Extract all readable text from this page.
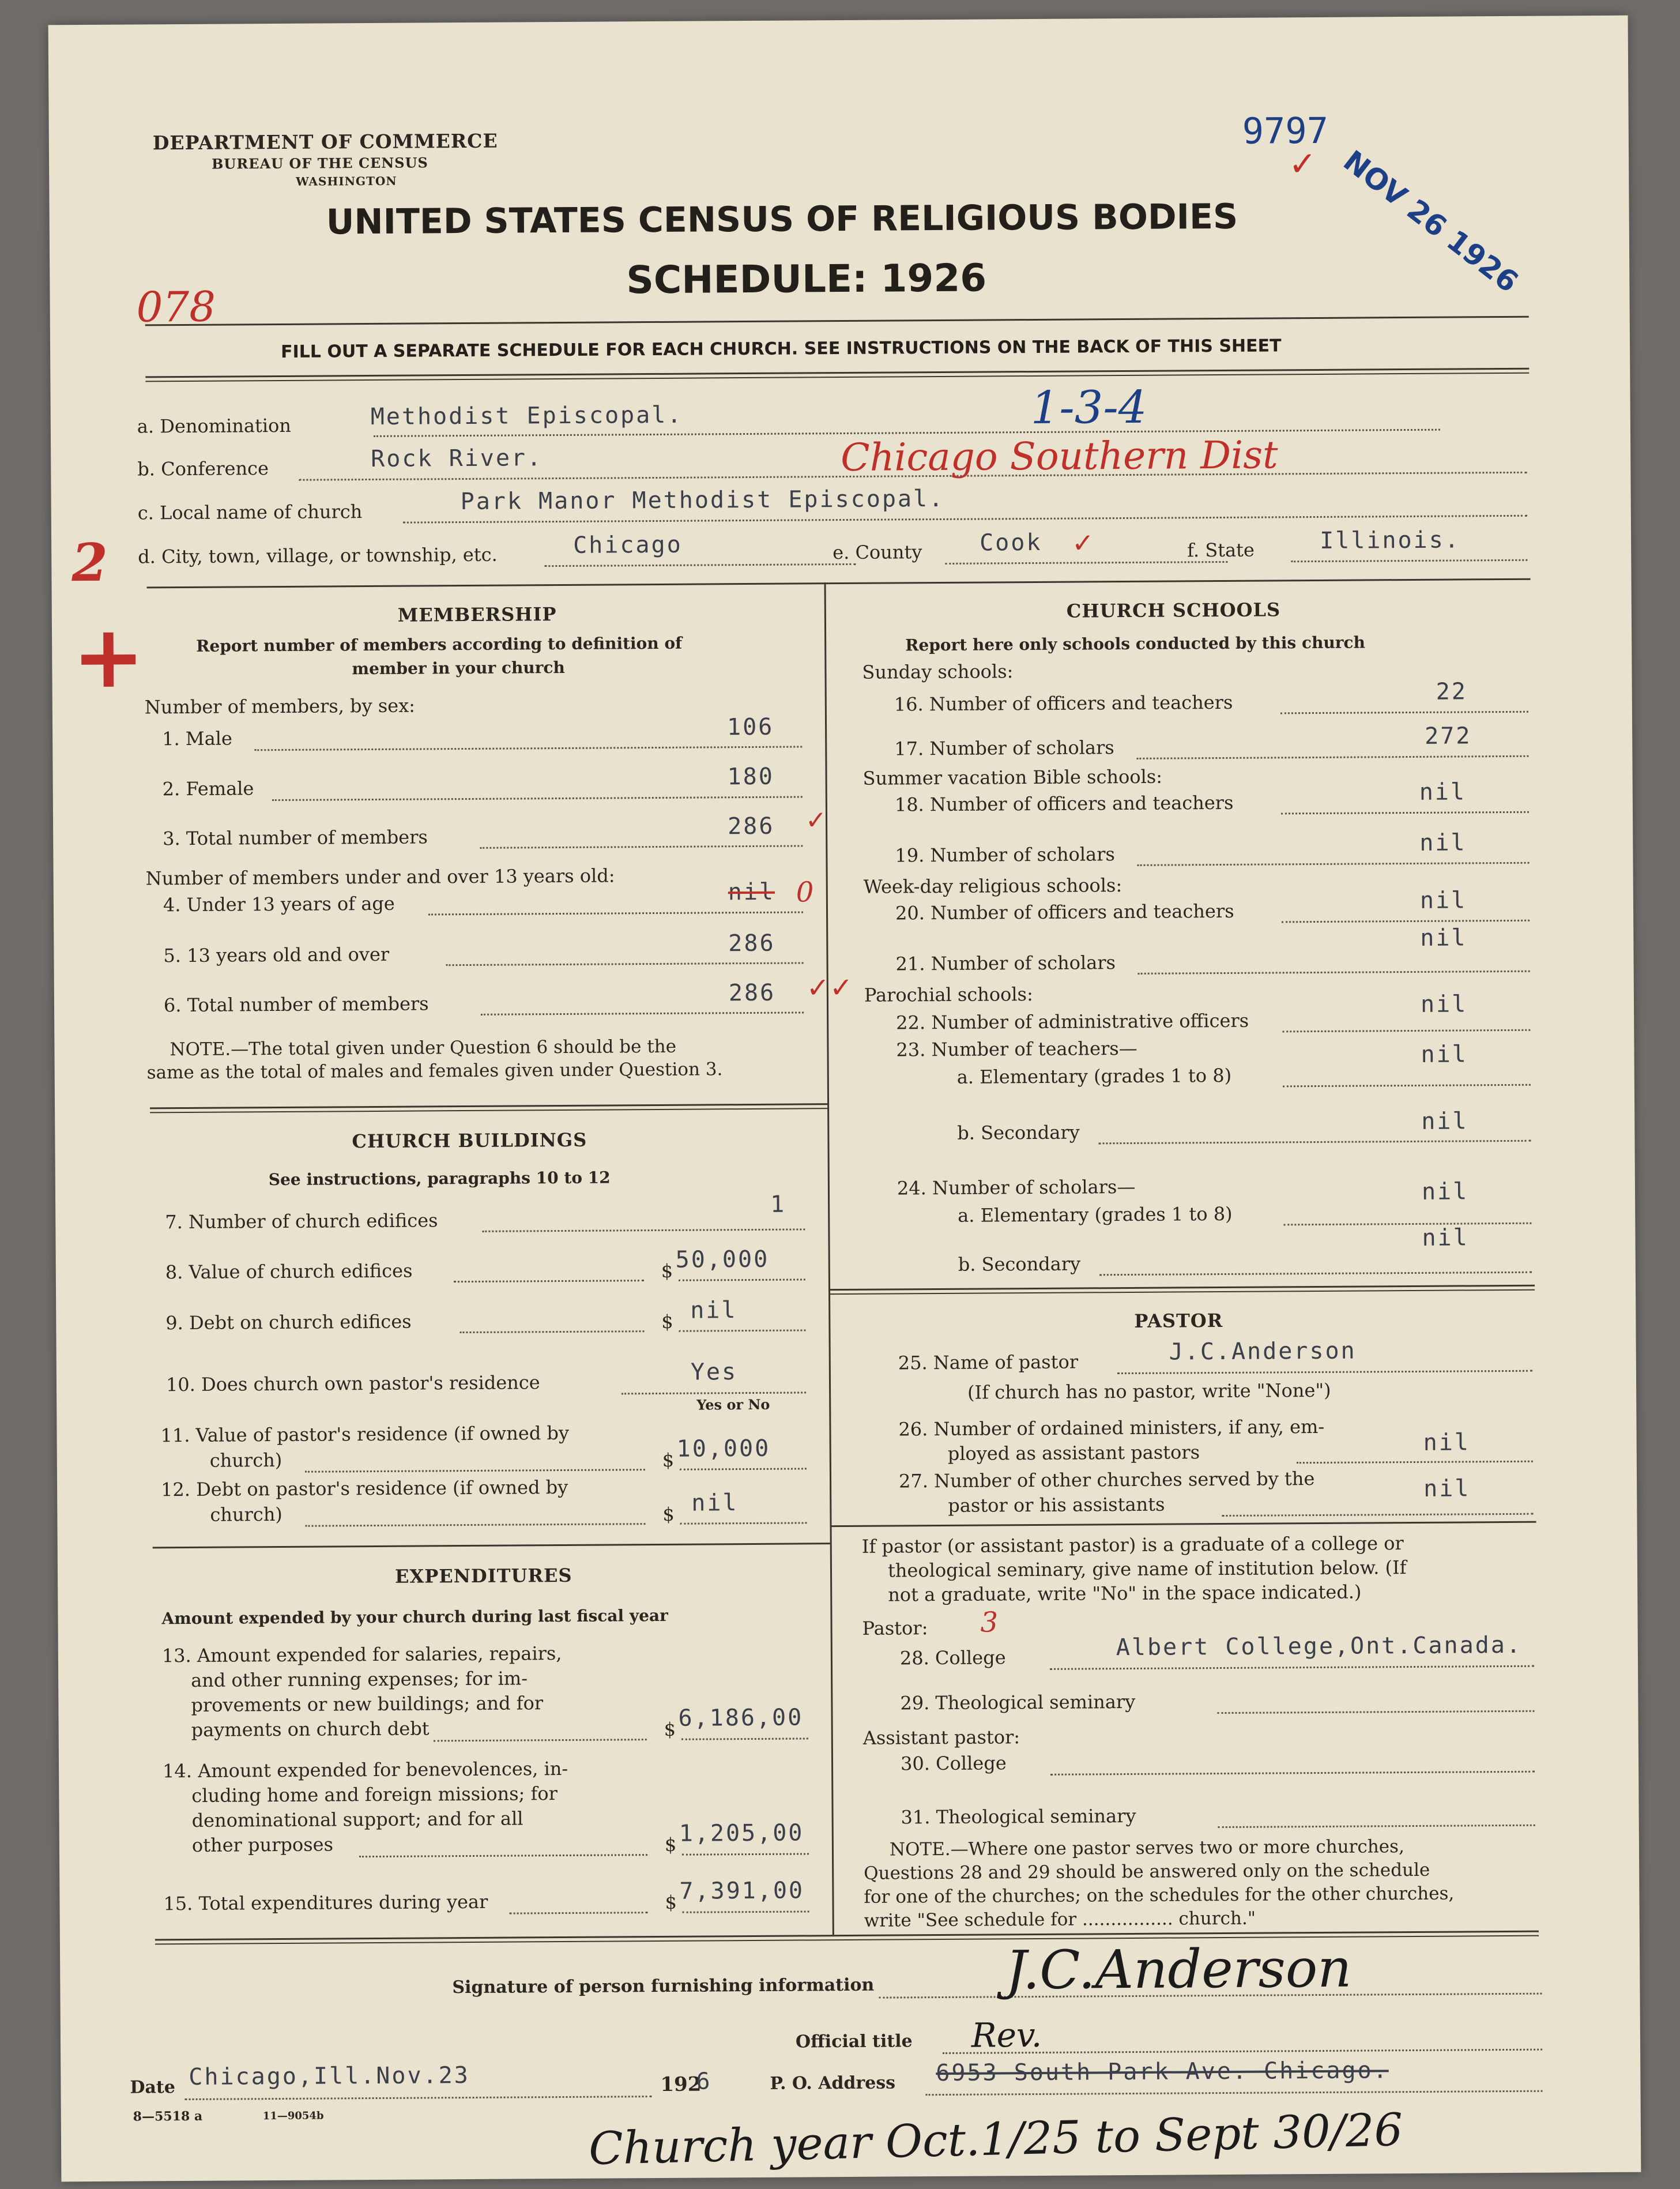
DEPARTMENT OF COMMERCE
BUREAU OF THE CENSUS
WASHINGTON
UNITED STATES CENSUS OF RELIGIOUS BODIES
SCHEDULE: 1926
FILL OUT A SEPARATE SCHEDULE FOR EACH CHURCH. SEE INSTRUCTIONS ON THE BACK OF THIS SHEET
9797
✓ NOV 26 1926
078
a. Denomination	Methodist Episcopal.	1-3-4
b. Conference	Rock River.	Chicago Southern Dist
c. Local name of church	Park Manor Methodist Episcopal.
d. City, town, village, or township, etc.	Chicago	e. County Cook ✓	f. State	Illinois.
2
+	MEMBERSHIP
Report number of members according to definition of
member in your church
Number of members, by sex:
1. Male	106
2. Female	180
3. Total number of members	286 ✓
Number of members under and over 13 years old:
4. Under 13 years of age	nil 0
5. 13 years old and over	286
6. Total number of members	286 ✓✓
NOTE.—The total given under Question 6 should be the
same as the total of males and females given under Question 3.
CHURCH BUILDINGS
See instructions, paragraphs 10 to 12
7. Number of church edifices
1
8. Value of church edifices	$ 50,000
9. Debt on church edifices	$ nil
10. Does church own pastor's residence	Yes
Yes or No
11. Value of pastor's residence (if owned by
church)	$ 10,000
12. Debt on pastor's residence (if owned by
church)	$ nil
EXPENDITURES
Amount expended by your church during last fiscal year
13. Amount expended for salaries, repairs,
and other running expenses; for im-
provements or new buildings; and for
payments on church debt	$ 6,186,00
14. Amount expended for benevolences, in-
cluding home and foreign missions; for
denominational support; and for all
other purposes	$ 1,205,00
15. Total expenditures during year	$ 7,391,00
CHURCH SCHOOLS
Report here only schools conducted by this church
Sunday schools:
16. Number of officers and teachers	22
17. Number of scholars	272
Summer vacation Bible schools:
18. Number of officers and teachers	nil
19. Number of scholars	nil
Week-day religious schools:
20. Number of officers and teachers	nil
21. Number of scholars
nil
Parochial schools:
22. Number of administrative officers
nil
23. Number of teachers—
a. Elementary (grades 1 to 8)
nil
b. Secondary	nil
24. Number of scholars—
a. Elementary (grades 1 to 8)
nil
b. Secondary
nil
PASTOR
25. Name of pastor	J.C.Anderson
(If church has no pastor, write "None")
26. Number of ordained ministers, if any, em-
ployed as assistant pastors	nil
27. Number of other churches served by the
pastor or his assistants
nil
If pastor (or assistant pastor) is a graduate of a college or
theological seminary, give name of institution below. (If
not a graduate, write "No" in the space indicated.)
Pastor: 3
28. College	Albert College,Ont.Canada.
29. Theological seminary
Assistant pastor:
30. College
31. Theological seminary
NOTE.—Where one pastor serves two or more churches,
Questions 28 and 29 should be answered only on the schedule
for one of the churches; on the schedules for the other churches,
write "See schedule for ................ church."
Signature of person furnishing information J.C.Anderson
Official title Rev.
Date Chicago,Ill.Nov.23	192
6	P. O. Address 6953 South Park Ave. Chicago.
8—5518 a	11—9054b	Church year Oct.1/25 to Sept 30/26
